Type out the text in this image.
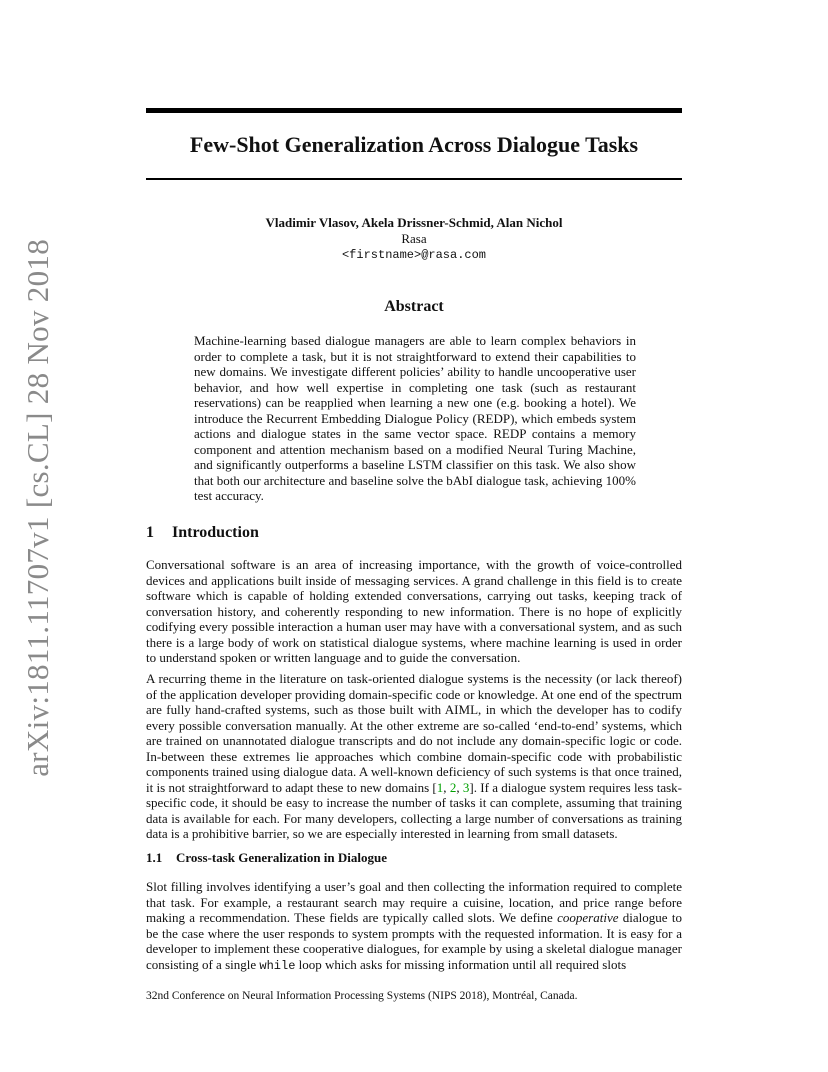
arXiv:1811.11707v1 [cs.CL] 28 Nov 2018
Few-Shot Generalization Across Dialogue Tasks
Vladimir Vlasov, Akela Drissner-Schmid, Alan Nichol
Rasa
<firstname>@rasa.com
Abstract

Machine-learning based dialogue managers are able to learn complex behaviors in order to complete a task, but it is not straightforward to extend their capabilities to new domains. We investigate different policies’ ability to handle uncooperative user behavior, and how well expertise in completing one task (such as restaurant reservations) can be reapplied when learning a new one (e.g. booking a hotel). We introduce the Recurrent Embedding Dialogue Policy (REDP), which embeds system actions and dialogue states in the same vector space. REDP contains a memory component and attention mechanism based on a modified Neural Turing Machine, and significantly outperforms a baseline LSTM classifier on this task. We also show that both our architecture and baseline solve the bAbI dialogue task, achieving 100% test accuracy.

1 Introduction

Conversational software is an area of increasing importance, with the growth of voice-controlled devices and applications built inside of messaging services. A grand challenge in this field is to create software which is capable of holding extended conversations, carrying out tasks, keeping track of conversation history, and coherently responding to new information. There is no hope of explicitly codifying every possible interaction a human user may have with a conversational system, and as such there is a large body of work on statistical dialogue systems, where machine learning is used in order to understand spoken or written language and to guide the conversation.

A recurring theme in the literature on task-oriented dialogue systems is the necessity (or lack thereof) of the application developer providing domain-specific code or knowledge. At one end of the spectrum are fully hand-crafted systems, such as those built with AIML, in which the developer has to codify every possible conversation manually. At the other extreme are so-called ‘end-to-end’ systems, which are trained on unannotated dialogue transcripts and do not include any domain-specific logic or code. In-between these extremes lie approaches which combine domain-specific code with probabilistic components trained using dialogue data. A well-known deficiency of such systems is that once trained, it is not straightforward to adapt these to new domains [1, 2, 3]. If a dialogue system requires less task-specific code, it should be easy to increase the number of tasks it can complete, assuming that training data is available for each. For many developers, collecting a large number of conversations as training data is a prohibitive barrier, so we are especially interested in learning from small datasets.

1.1 Cross-task Generalization in Dialogue

Slot filling involves identifying a user’s goal and then collecting the information required to complete that task. For example, a restaurant search may require a cuisine, location, and price range before making a recommendation. These fields are typically called slots. We define cooperative dialogue to be the case where the user responds to system prompts with the requested information. It is easy for a developer to implement these cooperative dialogues, for example by using a skeletal dialogue manager consisting of a single while loop which asks for missing information until all required slots

32nd Conference on Neural Information Processing Systems (NIPS 2018), Montréal, Canada.
